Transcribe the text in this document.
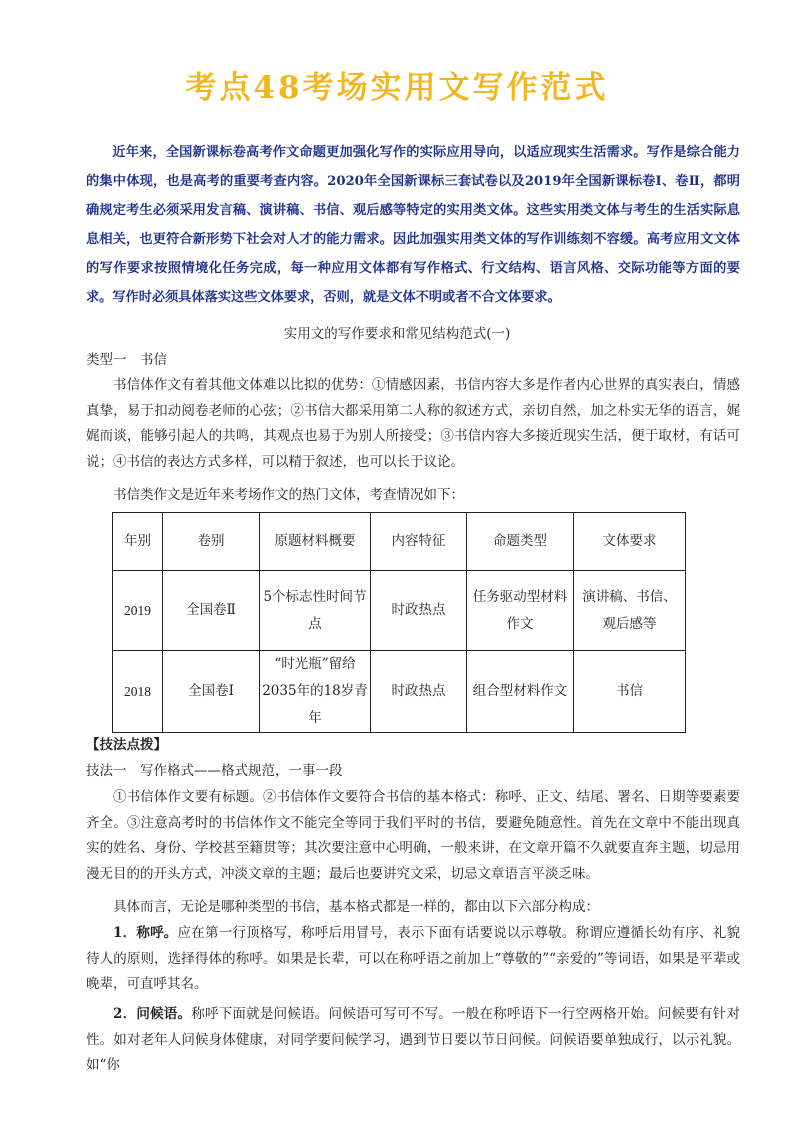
考点48考场实用文写作范式

近年来，全国新课标卷高考作文命题更加强化写作的实际应用导向，以适应现实生活需求。写作是综合能力的集中体现，也是高考的重要考查内容。2020年全国新课标三套试卷以及2019年全国新课标卷Ⅰ、卷Ⅱ，都明确规定考生必须采用发言稿、演讲稿、书信、观后感等特定的实用类文体。这些实用类文体与考生的生活实际息息相关，也更符合新形势下社会对人才的能力需求。因此加强实用类文体的写作训练刻不容缓。高考应用文文体的写作要求按照情境化任务完成，每一种应用文体都有写作格式、行文结构、语言风格、交际功能等方面的要求。写作时必须具体落实这些文体要求，否则，就是文体不明或者不合文体要求。

实用文的写作要求和常见结构范式(一)

类型一　书信

书信体作文有着其他文体难以比拟的优势：①情感因素，书信内容大多是作者内心世界的真实表白，情感真挚，易于扣动阅卷老师的心弦；②书信大都采用第二人称的叙述方式，亲切自然，加之朴实无华的语言，娓娓而谈，能够引起人的共鸣，其观点也易于为别人所接受；③书信内容大多接近现实生活，便于取材，有话可说；④书信的表达方式多样，可以精于叙述，也可以长于议论。

书信类作文是近年来考场作文的热门文体，考查情况如下：

年别	卷别	原题材料概要	内容特征	命题类型	文体要求
2019	全国卷Ⅱ	5个标志性时间节点	时政热点	任务驱动型材料作文	演讲稿、书信、观后感等
2018	全国卷Ⅰ	“时光瓶”留给2035年的18岁青年	时政热点	组合型材料作文	书信

【技法点拨】

技法一　写作格式——格式规范，一事一段

①书信体作文要有标题。②书信体作文要符合书信的基本格式：称呼、正文、结尾、署名、日期等要素要齐全。③注意高考时的书信体作文不能完全等同于我们平时的书信，要避免随意性。首先在文章中不能出现真实的姓名、身份、学校甚至籍贯等；其次要注意中心明确，一般来讲，在文章开篇不久就要直奔主题，切忌用漫无目的的开头方式，冲淡文章的主题；最后也要讲究文采，切忌文章语言平淡乏味。

具体而言，无论是哪种类型的书信，基本格式都是一样的，都由以下六部分构成：

1．称呼。应在第一行顶格写，称呼后用冒号，表示下面有话要说以示尊敬。称谓应遵循长幼有序、礼貌待人的原则，选择得体的称呼。如果是长辈，可以在称呼语之前加上“尊敬的”“亲爱的”等词语，如果是平辈或晚辈，可直呼其名。

2．问候语。称呼下面就是问候语。问候语可写可不写。一般在称呼语下一行空两格开始。问候要有针对性。如对老年人问候身体健康，对同学要问候学习，遇到节日要以节日问候。问候语要单独成行，以示礼貌。如“你
